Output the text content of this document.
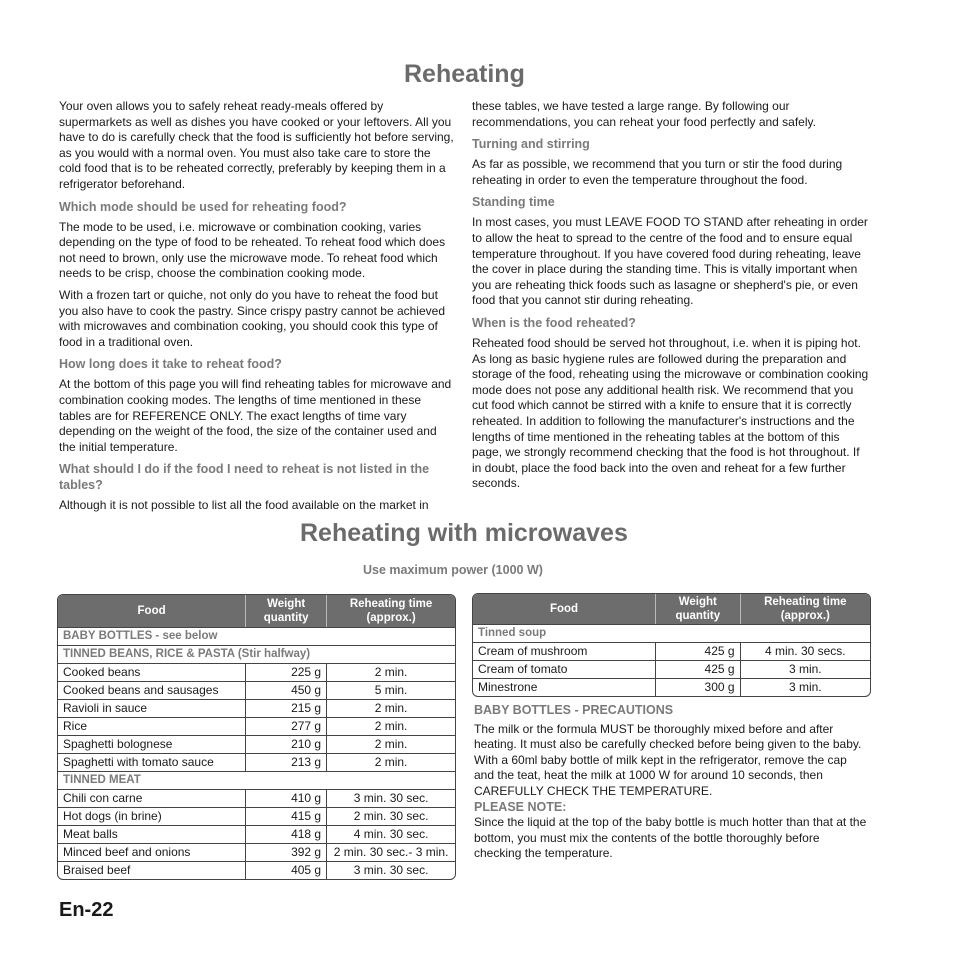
Reheating

Your oven allows you to safely reheat ready-meals offered by supermarkets as well as dishes you have cooked or your leftovers. All you have to do is carefully check that the food is sufficiently hot before serving, as you would with a normal oven. You must also take care to store the cold food that is to be reheated correctly, preferably by keeping them in a refrigerator beforehand.

Which mode should be used for reheating food?

The mode to be used, i.e. microwave or combination cooking, varies depending on the type of food to be reheated. To reheat food which does not need to brown, only use the microwave mode. To reheat food which needs to be crisp, choose the combination cooking mode.

With a frozen tart or quiche, not only do you have to reheat the food but you also have to cook the pastry. Since crispy pastry cannot be achieved with microwaves and combination cooking, you should cook this type of food in a traditional oven.

How long does it take to reheat food?

At the bottom of this page you will find reheating tables for microwave and combination cooking modes. The lengths of time mentioned in these tables are for REFERENCE ONLY. The exact lengths of time vary depending on the weight of the food, the size of the container used and the initial temperature.

What should I do if the food I need to reheat is not listed in the tables?

Although it is not possible to list all the food available on the market in

these tables, we have tested a large range. By following our recommendations, you can reheat your food perfectly and safely.

Turning and stirring

As far as possible, we recommend that you turn or stir the food during reheating in order to even the temperature throughout the food.

Standing time

In most cases, you must LEAVE FOOD TO STAND after reheating in order to allow the heat to spread to the centre of the food and to ensure equal temperature throughout. If you have covered food during reheating, leave the cover in place during the standing time. This is vitally important when you are reheating thick foods such as lasagne or shepherd's pie, or even food that you cannot stir during reheating.

When is the food reheated?

Reheated food should be served hot throughout, i.e. when it is piping hot. As long as basic hygiene rules are followed during the preparation and storage of the food, reheating using the microwave or combination cooking mode does not pose any additional health risk. We recommend that you cut food which cannot be stirred with a knife to ensure that it is correctly reheated. In addition to following the manufacturer's instructions and the lengths of time mentioned in the reheating tables at the bottom of this page, we strongly recommend checking that the food is hot throughout. If in doubt, place the food back into the oven and reheat for a few further seconds.

Reheating with microwaves
Use maximum power (1000 W)
Food	Weight quantity	Reheating time (approx.)
BABY BOTTLES - see below		
TINNED BEANS, RICE & PASTA (Stir halfway)		
Cooked beans	225 g	2 min.
Cooked beans and sausages	450 g	5 min.
Ravioli in sauce	215 g	2 min.
Rice	277 g	2 min.
Spaghetti bolognese	210 g	2 min.
Spaghetti with tomato sauce	213 g	2 min.
TINNED MEAT		
Chili con carne	410 g	3 min. 30 sec.
Hot dogs (in brine)	415 g	2 min. 30 sec.
Meat balls	418 g	4 min. 30 sec.
Minced beef and onions	392 g	2 min. 30 sec.- 3 min.
Braised beef	405 g	3 min. 30 sec.
Food	Weight quantity	Reheating time (approx.)
Tinned soup		
Cream of mushroom	425 g	4 min. 30 secs.
Cream of tomato	425 g	3 min.
Minestrone	300 g	3 min.
BABY BOTTLES - PRECAUTIONS

The milk or the formula MUST be thoroughly mixed before and after heating. It must also be carefully checked before being given to the baby.

With a 60ml baby bottle of milk kept in the refrigerator, remove the cap and the teat, heat the milk at 1000 W for around 10 seconds, then CAREFULLY CHECK THE TEMPERATURE.

PLEASE NOTE:

Since the liquid at the top of the baby bottle is much hotter than that at the bottom, you must mix the contents of the bottle thoroughly before checking the temperature.

En-22
